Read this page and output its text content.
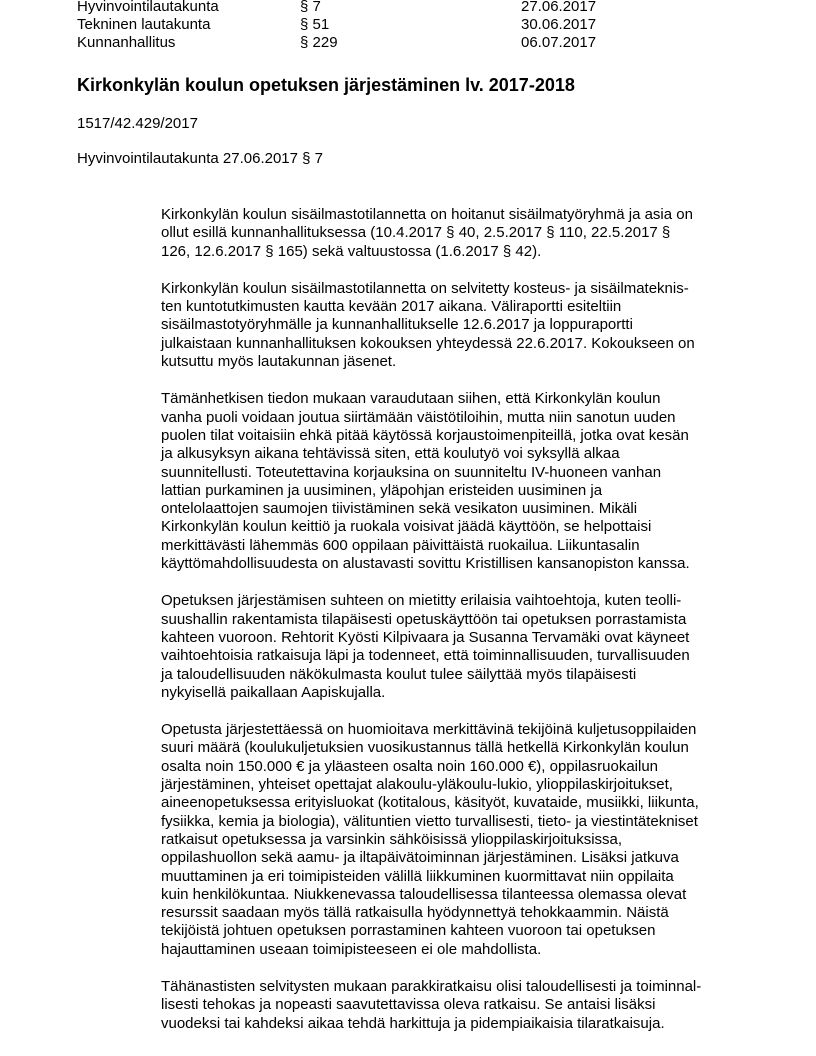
Hyvinvointilautakunta	§ 7	27.06.2017
Tekninen lautakunta	§ 51	30.06.2017
Kunnanhallitus	§ 229	06.07.2017
Kirkonkylän koulun opetuksen järjestäminen lv. 2017-2018
1517/42.429/2017
Hyvinvointilautakunta 27.06.2017 § 7

Kirkonkylän koulun sisäilmastotilannetta on hoitanut sisäilmatyöryhmä ja asia on
ollut esillä kunnanhallituksessa (10.4.2017 § 40, 2.5.2017 § 110, 22.5.2017 §
126, 12.6.2017 § 165) sekä valtuustossa (1.6.2017 § 42).

Kirkonkylän koulun sisäilmastotilannetta on selvitetty kosteus- ja sisäilmateknis-
ten kuntotutkimusten kautta kevään 2017 aikana. Väliraportti esiteltiin
sisäilmastotyöryhmälle ja kunnanhallitukselle 12.6.2017 ja loppuraportti
julkaistaan kunnanhallituksen kokouksen yhteydessä 22.6.2017. Kokoukseen on
kutsuttu myös lautakunnan jäsenet.

Tämänhetkisen tiedon mukaan varaudutaan siihen, että Kirkonkylän koulun
vanha puoli voidaan joutua siirtämään väistötiloihin, mutta niin sanotun uuden
puolen tilat voitaisiin ehkä pitää käytössä korjaustoimenpiteillä, jotka ovat kesän
ja alkusyksyn aikana tehtävissä siten, että koulutyö voi syksyllä alkaa
suunnitellusti. Toteutettavina korjauksina on suunniteltu IV-huoneen vanhan
lattian purkaminen ja uusiminen, yläpohjan eristeiden uusiminen ja
ontelolaattojen saumojen tiivistäminen sekä vesikaton uusiminen. Mikäli
Kirkonkylän koulun keittiö ja ruokala voisivat jäädä käyttöön, se helpottaisi
merkittävästi lähemmäs 600 oppilaan päivittäistä ruokailua. Liikuntasalin
käyttömahdollisuudesta on alustavasti sovittu Kristillisen kansanopiston kanssa.

Opetuksen järjestämisen suhteen on mietitty erilaisia vaihtoehtoja, kuten teolli-
suushallin rakentamista tilapäisesti opetuskäyttöön tai opetuksen porrastamista
kahteen vuoroon. Rehtorit Kyösti Kilpivaara ja Susanna Tervamäki ovat käyneet
vaihtoehtoisia ratkaisuja läpi ja todenneet, että toiminnallisuuden, turvallisuuden
ja taloudellisuuden näkökulmasta koulut tulee säilyttää myös tilapäisesti
nykyisellä paikallaan Aapiskujalla.

Opetusta järjestettäessä on huomioitava merkittävinä tekijöinä kuljetusoppilaiden
suuri määrä (koulukuljetuksien vuosikustannus tällä hetkellä Kirkonkylän koulun
osalta noin 150.000 € ja yläasteen osalta noin 160.000 €), oppilasruokailun
järjestäminen, yhteiset opettajat alakoulu-yläkoulu-lukio, ylioppilaskirjoitukset,
aineenopetuksessa erityisluokat (kotitalous, käsityöt, kuvataide, musiikki, liikunta,
fysiikka, kemia ja biologia), välituntien vietto turvallisesti, tieto- ja viestintätekniset
ratkaisut opetuksessa ja varsinkin sähköisissä ylioppilaskirjoituksissa,
oppilashuollon sekä aamu- ja iltapäivätoiminnan järjestäminen. Lisäksi jatkuva
muuttaminen ja eri toimipisteiden välillä liikkuminen kuormittavat niin oppilaita
kuin henkilökuntaa. Niukkenevassa taloudellisessa tilanteessa olemassa olevat
resurssit saadaan myös tällä ratkaisulla hyödynnettyä tehokkaammin. Näistä
tekijöistä johtuen opetuksen porrastaminen kahteen vuoroon tai opetuksen
hajauttaminen useaan toimipisteeseen ei ole mahdollista.

Tähänastisten selvitysten mukaan parakkiratkaisu olisi taloudellisesti ja toiminnal-
lisesti tehokas ja nopeasti saavutettavissa oleva ratkaisu. Se antaisi lisäksi
vuodeksi tai kahdeksi aikaa tehdä harkittuja ja pidempiaikaisia tilaratkaisuja.
